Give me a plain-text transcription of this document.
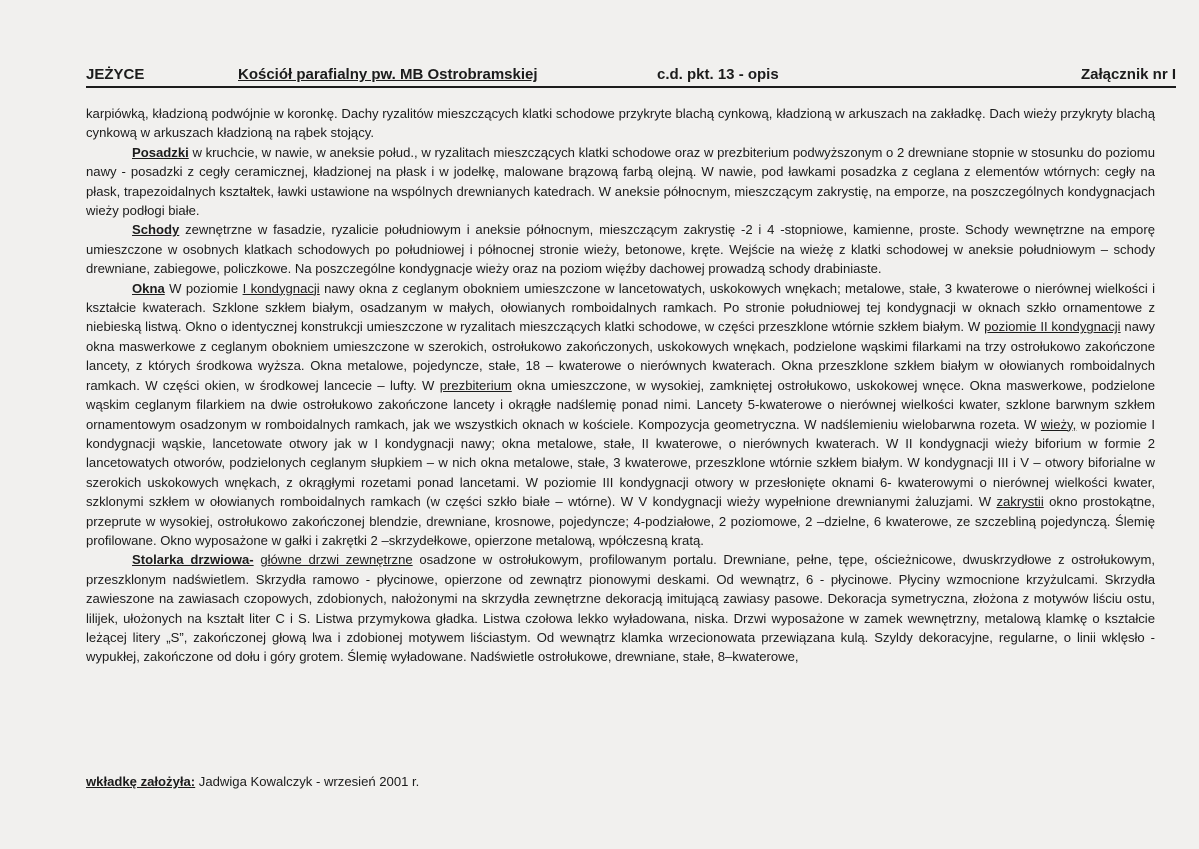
JEŻYCE	Kościół parafialny pw. MB Ostrobramskiej	c.d. pkt. 13 - opis	Załącznik nr I

karpiówką, kładzioną podwójnie w koronkę. Dachy ryzalitów mieszczących klatki schodowe przykryte blachą cynkową, kładzioną w arkuszach na zakładkę. Dach wieży przykryty blachą cynkową w arkuszach kładzioną na rąbek stojący.

Posadzki w kruchcie, w nawie, w aneksie połud., w ryzalitach mieszczących klatki schodowe oraz w prezbiterium podwyższonym o 2 drewniane stopnie w stosunku do poziomu nawy - posadzki z cegły ceramicznej, kładzionej na płask i w jodełkę, malowane brązową farbą olejną. W nawie, pod ławkami posadzka z ceglana z elementów wtórnych: cegły na płask, trapezoidalnych kształtek, ławki ustawione na wspólnych drewnianych katedrach. W aneksie północnym, mieszczącym zakrystię, na emporze, na poszczególnych kondygnacjach wieży podłogi białe.

Schody zewnętrzne w fasadzie, ryzalicie południowym i aneksie północnym, mieszczącym zakrystię -2 i 4 -stopniowe, kamienne, proste. Schody wewnętrzne na emporę umieszczone w osobnych klatkach schodowych po południowej i północnej stronie wieży, betonowe, kręte. Wejście na wieżę z klatki schodowej w aneksie południowym – schody drewniane, zabiegowe, policzkowe. Na poszczególne kondygnacje wieży oraz na poziom więźby dachowej prowadzą schody drabiniaste.

Okna W poziomie I kondygnacji nawy okna z ceglanym obokniem umieszczone w lancetowatych, uskokowych wnękach; metalowe, stałe, 3 kwaterowe o nierównej wielkości i kształcie kwaterach. Szklone szkłem białym, osadzanym w małych, ołowianych romboidalnych ramkach. Po stronie południowej tej kondygnacji w oknach szkło ornamentowe z niebieską listwą. Okno o identycznej konstrukcji umieszczone w ryzalitach mieszczących klatki schodowe, w części przeszklone wtórnie szkłem białym. W poziomie II kondygnacji nawy okna maswerkowe z ceglanym obokniem umieszczone w szerokich, ostrołukowo zakończonych, uskokowych wnękach, podzielone wąskimi filarkami na trzy ostrołukowo zakończone lancety, z których środkowa wyższa. Okna metalowe, pojedyncze, stałe, 18 – kwaterowe o nierównych kwaterach. Okna przeszklone szkłem białym w ołowianych romboidalnych ramkach. W części okien, w środkowej lancecie – lufty. W prezbiterium okna umieszczone, w wysokiej, zamkniętej ostrołukowo, uskokowej wnęce. Okna maswerkowe, podzielone wąskim ceglanym filarkiem na dwie ostrołukowo zakończone lancety i okrągłe nadślemię ponad nimi. Lancety 5-kwaterowe o nierównej wielkości kwater, szklone barwnym szkłem ornamentowym osadzonym w romboidalnych ramkach, jak we wszystkich oknach w kościele. Kompozycja geometryczna. W nadślemieniu wielobarwna rozeta. W wieży, w poziomie I kondygnacji wąskie, lancetowate otwory jak w I kondygnacji nawy; okna metalowe, stałe, II kwaterowe, o nierównych kwaterach. W II kondygnacji wieży biforium w formie 2 lancetowatych otworów, podzielonych ceglanym słupkiem – w nich okna metalowe, stałe, 3 kwaterowe, przeszklone wtórnie szkłem białym. W kondygnacji III i V – otwory biforialne w szerokich uskokowych wnękach, z okrągłymi rozetami ponad lancetami. W poziomie III kondygnacji otwory w przesłonięte oknami 6- kwaterowymi o nierównej wielkości kwater, szklonymi szkłem w ołowianych romboidalnych ramkach (w części szkło białe – wtórne). W V kondygnacji wieży wypełnione drewnianymi żaluzjami. W zakrystii okno prostokątne, przeprute w wysokiej, ostrołukowo zakończonej blendzie, drewniane, krosnowe, pojedyncze; 4-podziałowe, 2 poziomowe, 2 –dzielne, 6 kwaterowe, ze szczebliną pojedynczą. Ślemię profilowane. Okno wyposażone w gałki i zakrętki 2 –skrzydełkowe, opierzone metalową, wpółczesną kratą.

Stolarka drzwiowa- główne drzwi zewnętrzne osadzone w ostrołukowym, profilowanym portalu. Drewniane, pełne, tępe, ościeżnicowe, dwuskrzydłowe z ostrołukowym, przeszklonym nadświetlem. Skrzydła ramowo - płycinowe, opierzone od zewnątrz pionowymi deskami. Od wewnątrz, 6 - płycinowe. Płyciny wzmocnione krzyżulcami. Skrzydła zawieszone na zawiasach czopowych, zdobionych, nałożonymi na skrzydła zewnętrzne dekoracją imitującą zawiasy pasowe. Dekoracja symetryczna, złożona z motywów liściu ostu, lilijek, ułożonych na kształt liter C i S. Listwa przymykowa gładka. Listwa czołowa lekko wyładowana, niska. Drzwi wyposażone w zamek wewnętrzny, metalową klamkę o kształcie leżącej litery „S”, zakończonej głową lwa i zdobionej motywem liściastym. Od wewnątrz klamka wrzecionowata przewiązana kulą. Szyldy dekoracyjne, regularne, o linii wklęsło - wypukłej, zakończone od dołu i góry grotem. Ślemię wyładowane. Nadświetle ostrołukowe, drewniane, stałe, 8–kwaterowe,

wkładkę założyła: Jadwiga Kowalczyk - wrzesień 2001 r.
